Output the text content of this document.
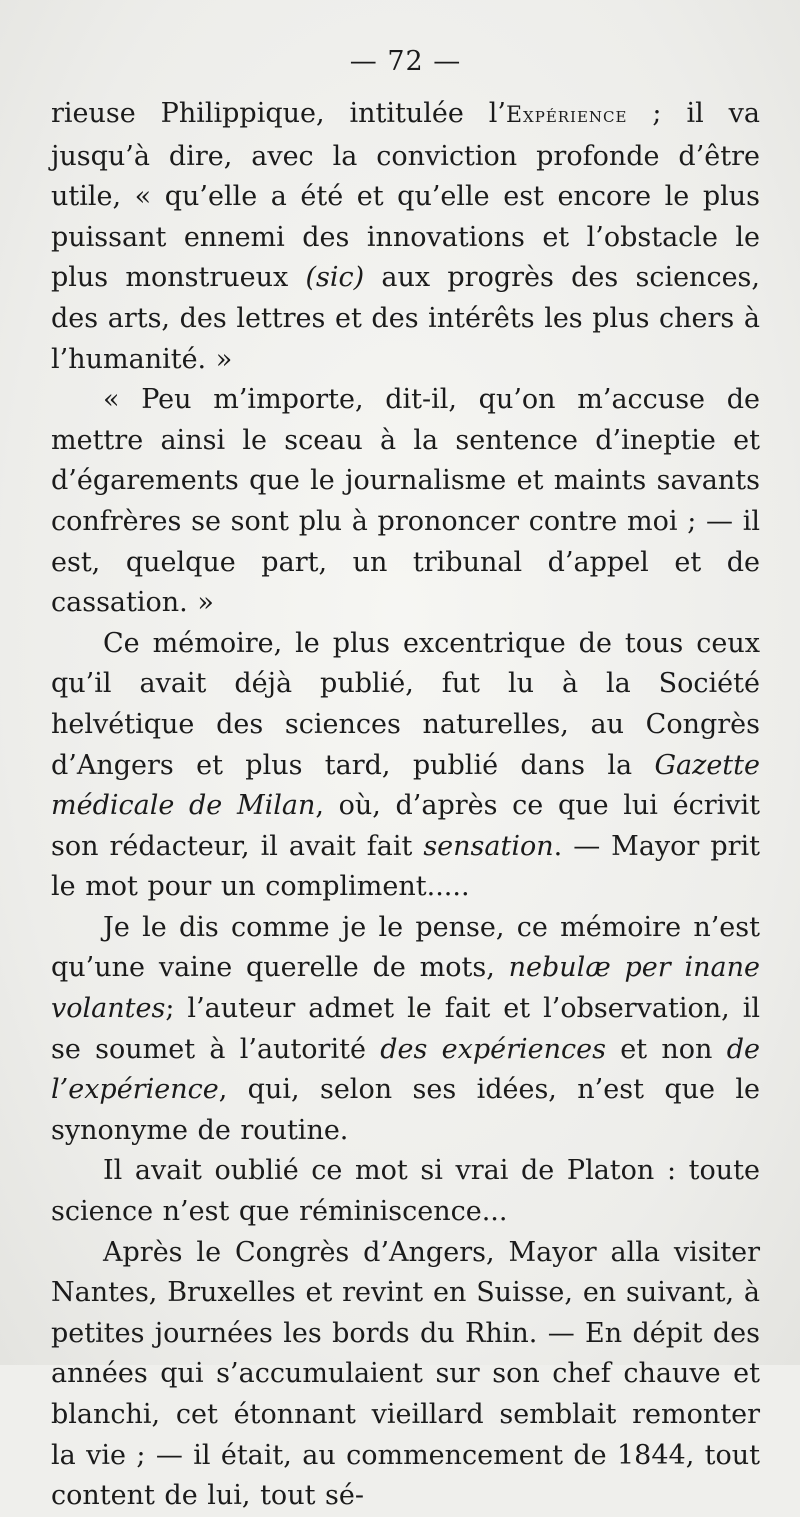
— 72 —

rieuse Philippique, intitulée l’Expérience ; il va jusqu’à dire, avec la conviction profonde d’être utile, « qu’elle a été et qu’elle est encore le plus puissant ennemi des innovations et l’obstacle le plus monstrueux (sic) aux progrès des sciences, des arts, des lettres et des intérêts les plus chers à l’humanité. »

« Peu m’importe, dit-il, qu’on m’accuse de mettre ainsi le sceau à la sentence d’ineptie et d’égarements que le journalisme et maints savants confrères se sont plu à prononcer contre moi ; — il est, quelque part, un tribunal d’appel et de cassation. »

Ce mémoire, le plus excentrique de tous ceux qu’il avait déjà publié, fut lu à la Société helvétique des sciences naturelles, au Congrès d’Angers et plus tard, publié dans la Gazette médicale de Milan, où, d’après ce que lui écrivit son rédacteur, il avait fait sensation. — Mayor prit le mot pour un compliment.....

Je le dis comme je le pense, ce mémoire n’est qu’une vaine querelle de mots, nebulæ per inane volantes; l’auteur admet le fait et l’observation, il se soumet à l’autorité des expériences et non de l’expérience, qui, selon ses idées, n’est que le synonyme de routine.

Il avait oublié ce mot si vrai de Platon : toute science n’est que réminiscence...

Après le Congrès d’Angers, Mayor alla visiter Nantes, Bruxelles et revint en Suisse, en suivant, à petites journées les bords du Rhin. — En dépit des années qui s’accumulaient sur son chef chauve et blanchi, cet étonnant vieillard semblait remonter la vie ; — il était, au commencement de 1844, tout content de lui, tout sé-
